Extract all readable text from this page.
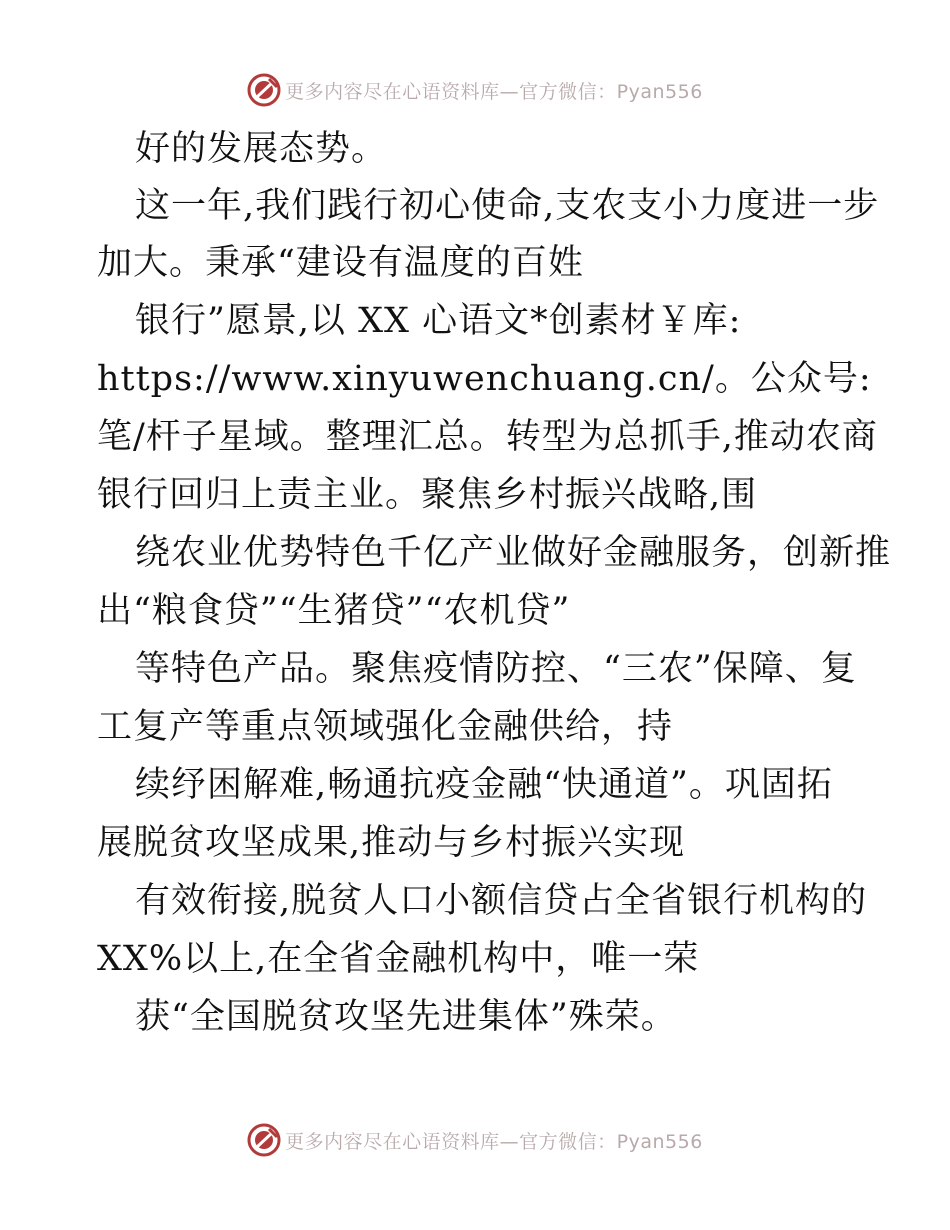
更多内容尽在心语资料库—官方微信：Pyan556
好的发展态势。
这一年,我们践行初心使命,支农支小力度进一步
加大。秉承“建设有温度的百姓
银行”愿景,以 XX 心语文*创素材￥库:
https://www.xinyuwenchuang.cn/。公众号:
笔/杆子星域。整理汇总。转型为总抓手,推动农商
银行回归上责主业。聚焦乡村振兴战略,围
绕农业优势特色千亿产业做好金融服务，创新推
出“粮食贷”“生猪贷”“农机贷”
等特色产品。聚焦疫情防控、“三农”保障、复
工复产等重点领域强化金融供给，持
续纾困解难,畅通抗疫金融“快通道”。巩固拓
展脱贫攻坚成果,推动与乡村振兴实现
有效衔接,脱贫人口小额信贷占全省银行机构的
XX%以上,在全省金融机构中，唯一荣
获“全国脱贫攻坚先进集体”殊荣。
更多内容尽在心语资料库—官方微信：Pyan556
